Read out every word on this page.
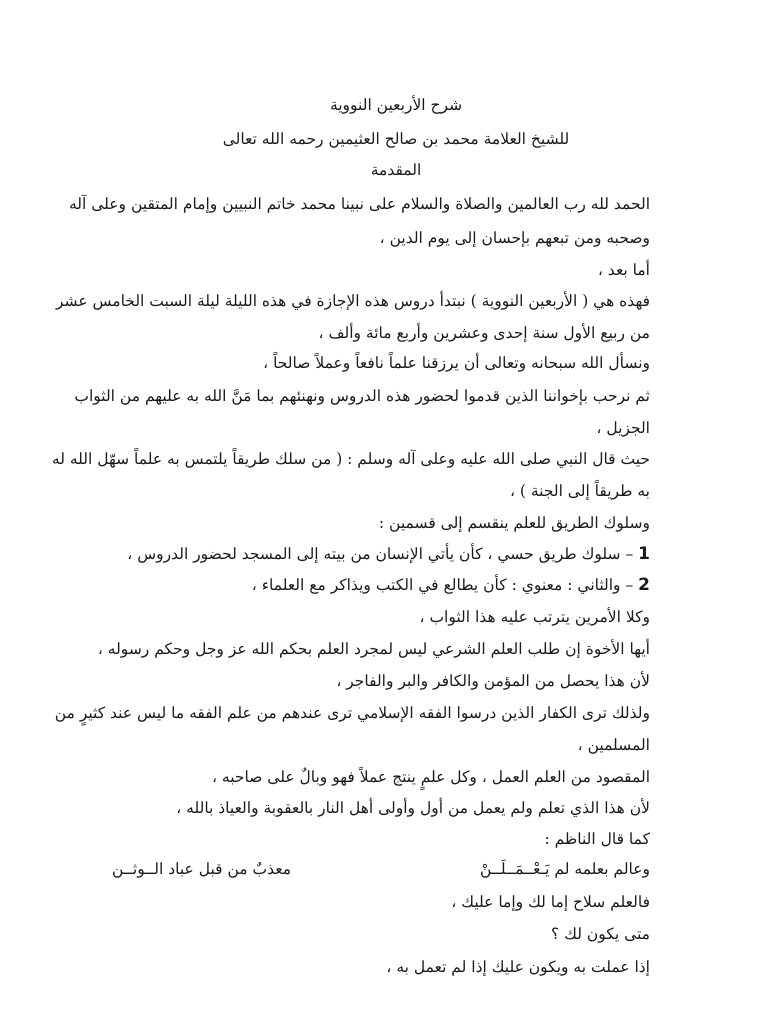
شرح الأربعين النووية
للشيخ العلامة محمد بن صالح العثيمين رحمه الله تعالى
المقدمة
الحمد لله رب العالمين والصلاة والسلام على نبينا محمد خاتم النبيين وإمام المتقين وعلى آله
وصحبه ومن تبعهم بإحسان إلى يوم الدين ،
أما بعد ،
فهذه هي ( الأربعين النووية ) نبتدأ دروس هذه الإجازة في هذه الليلة ليلة السبت الخامس عشر
من ربيع الأول سنة إحدى وعشرين وأربع مائة وألف ،
ونسأل الله سبحانه وتعالى أن يرزقنا علماً نافعاً وعملاً صالحاً ،
ثم نرحب بإخواننا الذين قدموا لحضور هذه الدروس ونهنئهم بما مَنَّ الله به عليهم من الثواب
الجزيل ،
حيث قال النبي صلى الله عليه وعلى آله وسلم : ( من سلك طريقاً يلتمس به علماً سهّل الله له
به طريقاً إلى الجنة ) ،
وسلوك الطريق للعلم ينقسم إلى قسمين :
1 – سلوك طريق حسي ، كأن يأتي الإنسان من بيته إلى المسجد لحضور الدروس ،
2 – والثاني : معنوي : كأن يطالع في الكتب ويذاكر مع العلماء ،
وكلا الأمرين يترتب عليه هذا الثواب ،
أيها الأخوة إن طلب العلم الشرعي ليس لمجرد العلم بحكم الله عز وجل وحكم رسوله ،
لأن هذا يحصل من المؤمن والكافر والبر والفاجر ،
ولذلك ترى الكفار الذين درسوا الفقه الإسلامي ترى عندهم من علم الفقه ما ليس عند كثيرٍ من
المسلمين ،
المقصود من العلم العمل ، وكل علمٍ ينتج عملاً فهو وبالٌ على صاحبه ،
لأن هذا الذي تعلم ولم يعمل من أول وأولى أهل النار بالعقوبة والعياذ بالله ،
كما قال الناظم :
وعالم بعلمه لم يَـعْــمَــلَــنْ
معذبٌ من قبل عباد الــوثــن
فالعلم سلاح إما لك وإما عليك ،
متى يكون لك ؟
إذا عملت به ويكون عليك إذا لم تعمل به ،
